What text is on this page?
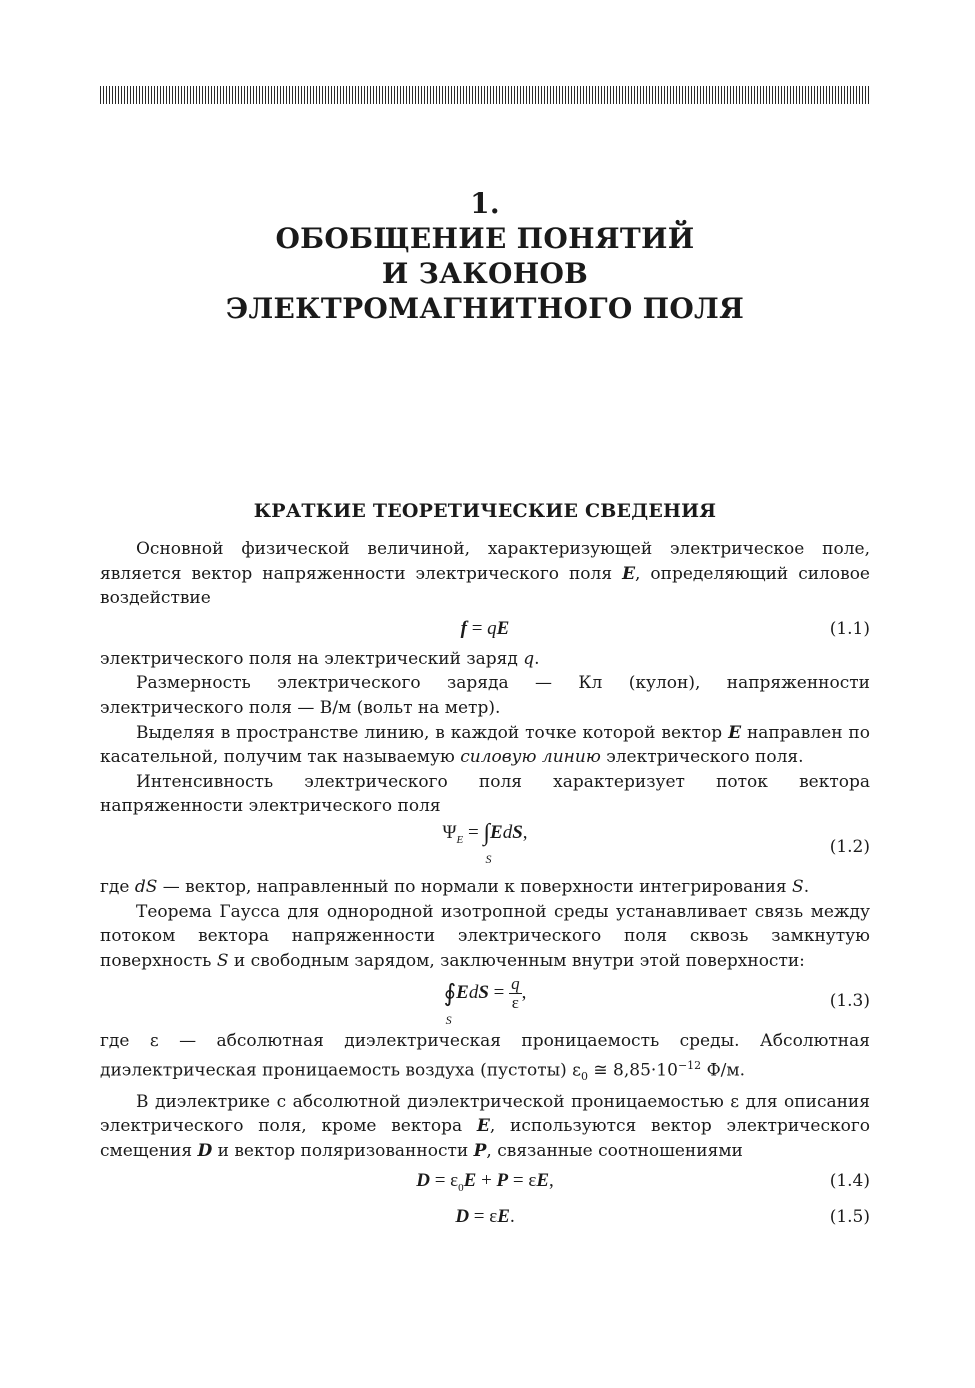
1.
ОБОБЩЕНИЕ ПОНЯТИЙ
И ЗАКОНОВ
ЭЛЕКТРОМАГНИТНОГО ПОЛЯ
КРАТКИЕ ТЕОРЕТИЧЕСКИЕ СВЕДЕНИЯ

Основной физической величиной, характеризующей электрическое поле, является вектор напряженности электрического поля E, определяющий силовое воздействие

f = qE	(1.1)

электрического поля на электрический заряд q.

Размерность электрического заряда — Кл (кулон), напряженности электрического поля — В/м (вольт на метр).

Выделяя в пространстве линию, в каждой точке которой вектор E направлен по касательной, получим так называемую силовую линию электрического поля.

Интенсивность электрического поля характеризует поток вектора напряженности электрического поля

$\Psi_E$ = ∫
S
EdS,
(1.2)

где dS — вектор, направленный по нормали к поверхности интегрирования S.

Теорема Гаусса для однородной изотропной среды устанавливает связь между потоком вектора напряженности электрического поля сквозь замкнутую поверхность S и свободным зарядом, заключенным внутри этой поверхности:

∮
S
EdS = $\frac{q}{\varepsilon}$ ,	(1.3)

где ε — абсолютная диэлектрическая проницаемость среды. Абсолютная диэлектрическая проницаемость воздуха (пустоты) $\varepsilon_0$ ≅ $8,85\cdot 10^{-12}$ Ф/м.

В диэлектрике с абсолютной диэлектрической проницаемостью ε для описания электрического поля, кроме вектора E, используются вектор электрического смещения D и вектор поляризованности P, связанные соотношениями

$D = \varepsilon_0E + P = \varepsilon E$,	(1.4)
D = εE.	(1.5)
